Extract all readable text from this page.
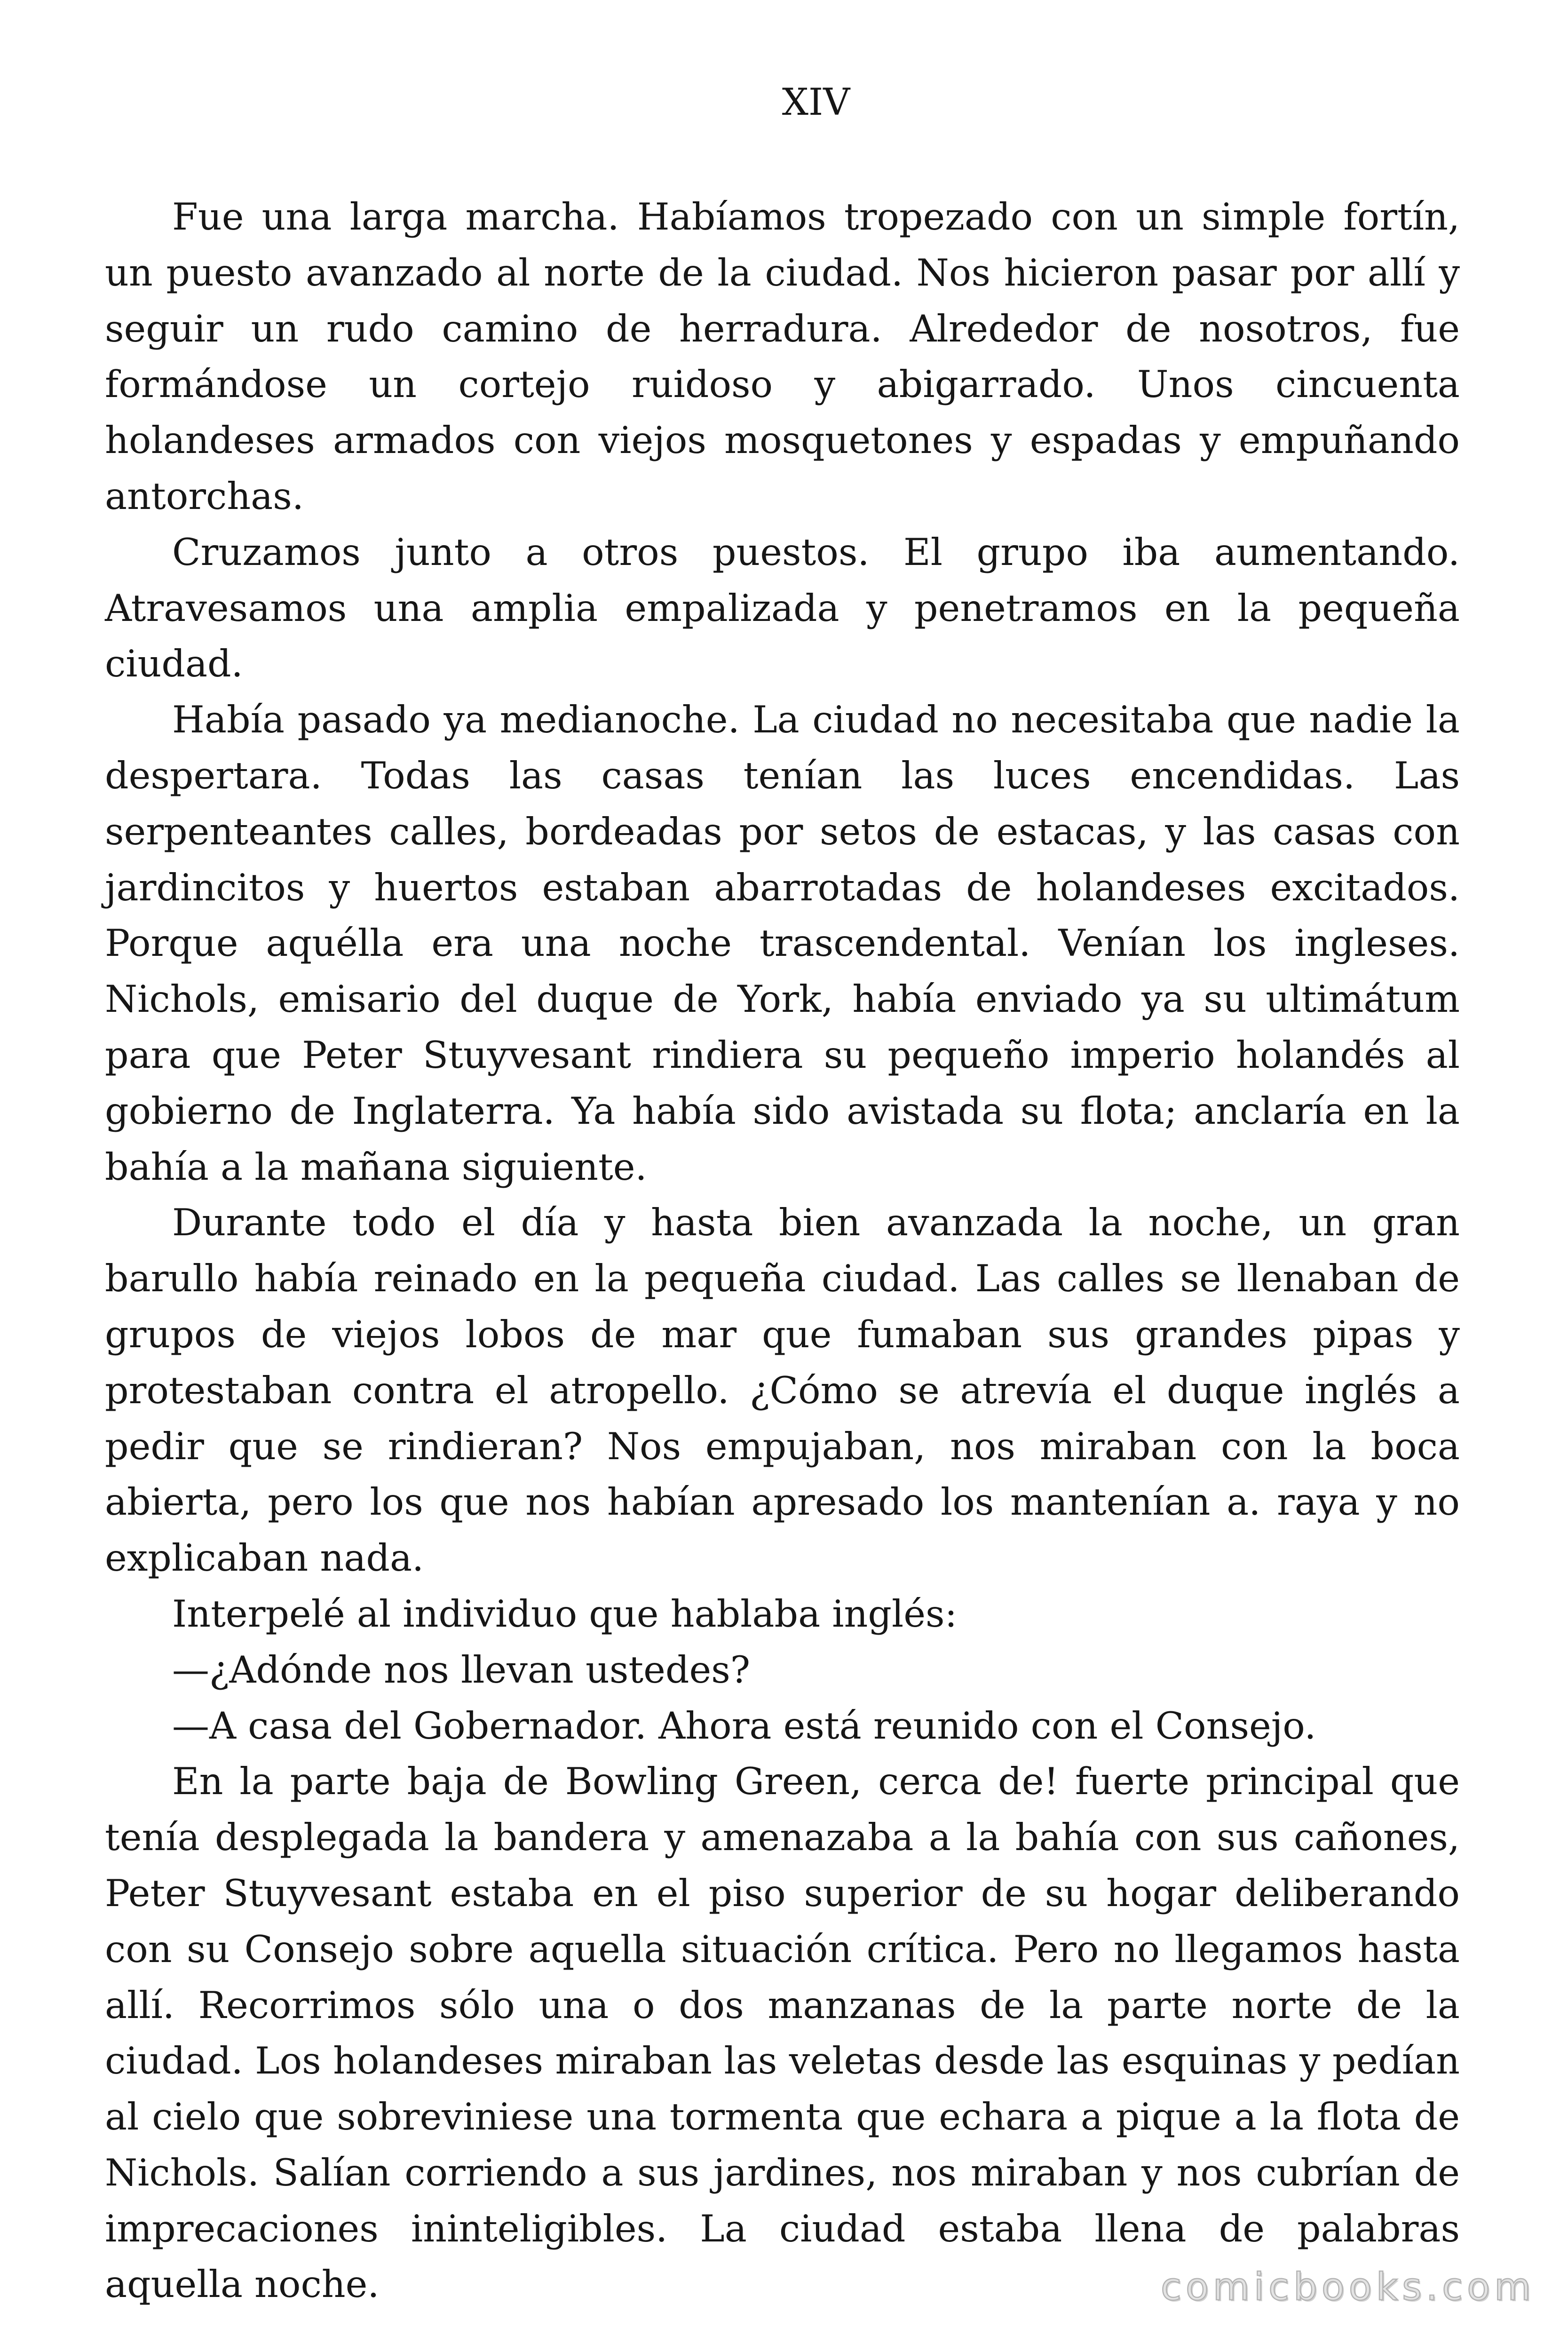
XIV
Fue una larga marcha. Habíamos tropezado con un simple fortín,
un puesto avanzado al norte de la ciudad. Nos hicieron pasar por allí y
seguir un rudo camino de herradura. Alrededor de nosotros, fue
formándose un cortejo ruidoso y abigarrado. Unos cincuenta
holandeses armados con viejos mosquetones y espadas y empuñando
antorchas.
Cruzamos junto a otros puestos. El grupo iba aumentando.
Atravesamos una amplia empalizada y penetramos en la pequeña
ciudad.
Había pasado ya medianoche. La ciudad no necesitaba que nadie la
despertara. Todas las casas tenían las luces encendidas. Las
serpenteantes calles, bordeadas por setos de estacas, y las casas con
jardincitos y huertos estaban abarrotadas de holandeses excitados.
Porque aquélla era una noche trascendental. Venían los ingleses.
Nichols, emisario del duque de York, había enviado ya su ultimátum
para que Peter Stuyvesant rindiera su pequeño imperio holandés al
gobierno de Inglaterra. Ya había sido avistada su flota; anclaría en la
bahía a la mañana siguiente.
Durante todo el día y hasta bien avanzada la noche, un gran
barullo había reinado en la pequeña ciudad. Las calles se llenaban de
grupos de viejos lobos de mar que fumaban sus grandes pipas y
protestaban contra el atropello. ¿Cómo se atrevía el duque inglés a
pedir que se rindieran? Nos empujaban, nos miraban con la boca
abierta, pero los que nos habían apresado los mantenían a. raya y no
explicaban nada.
Interpelé al individuo que hablaba inglés:
—¿Adónde nos llevan ustedes?
—A casa del Gobernador. Ahora está reunido con el Consejo.
En la parte baja de Bowling Green, cerca de! fuerte principal que
tenía desplegada la bandera y amenazaba a la bahía con sus cañones,
Peter Stuyvesant estaba en el piso superior de su hogar deliberando
con su Consejo sobre aquella situación crítica. Pero no llegamos hasta
allí. Recorrimos sólo una o dos manzanas de la parte norte de la
ciudad. Los holandeses miraban las veletas desde las esquinas y pedían
al cielo que sobreviniese una tormenta que echara a pique a la flota de
Nichols. Salían corriendo a sus jardines, nos miraban y nos cubrían de
imprecaciones ininteligibles. La ciudad estaba llena de palabras
aquella noche.	comicbooks.com
